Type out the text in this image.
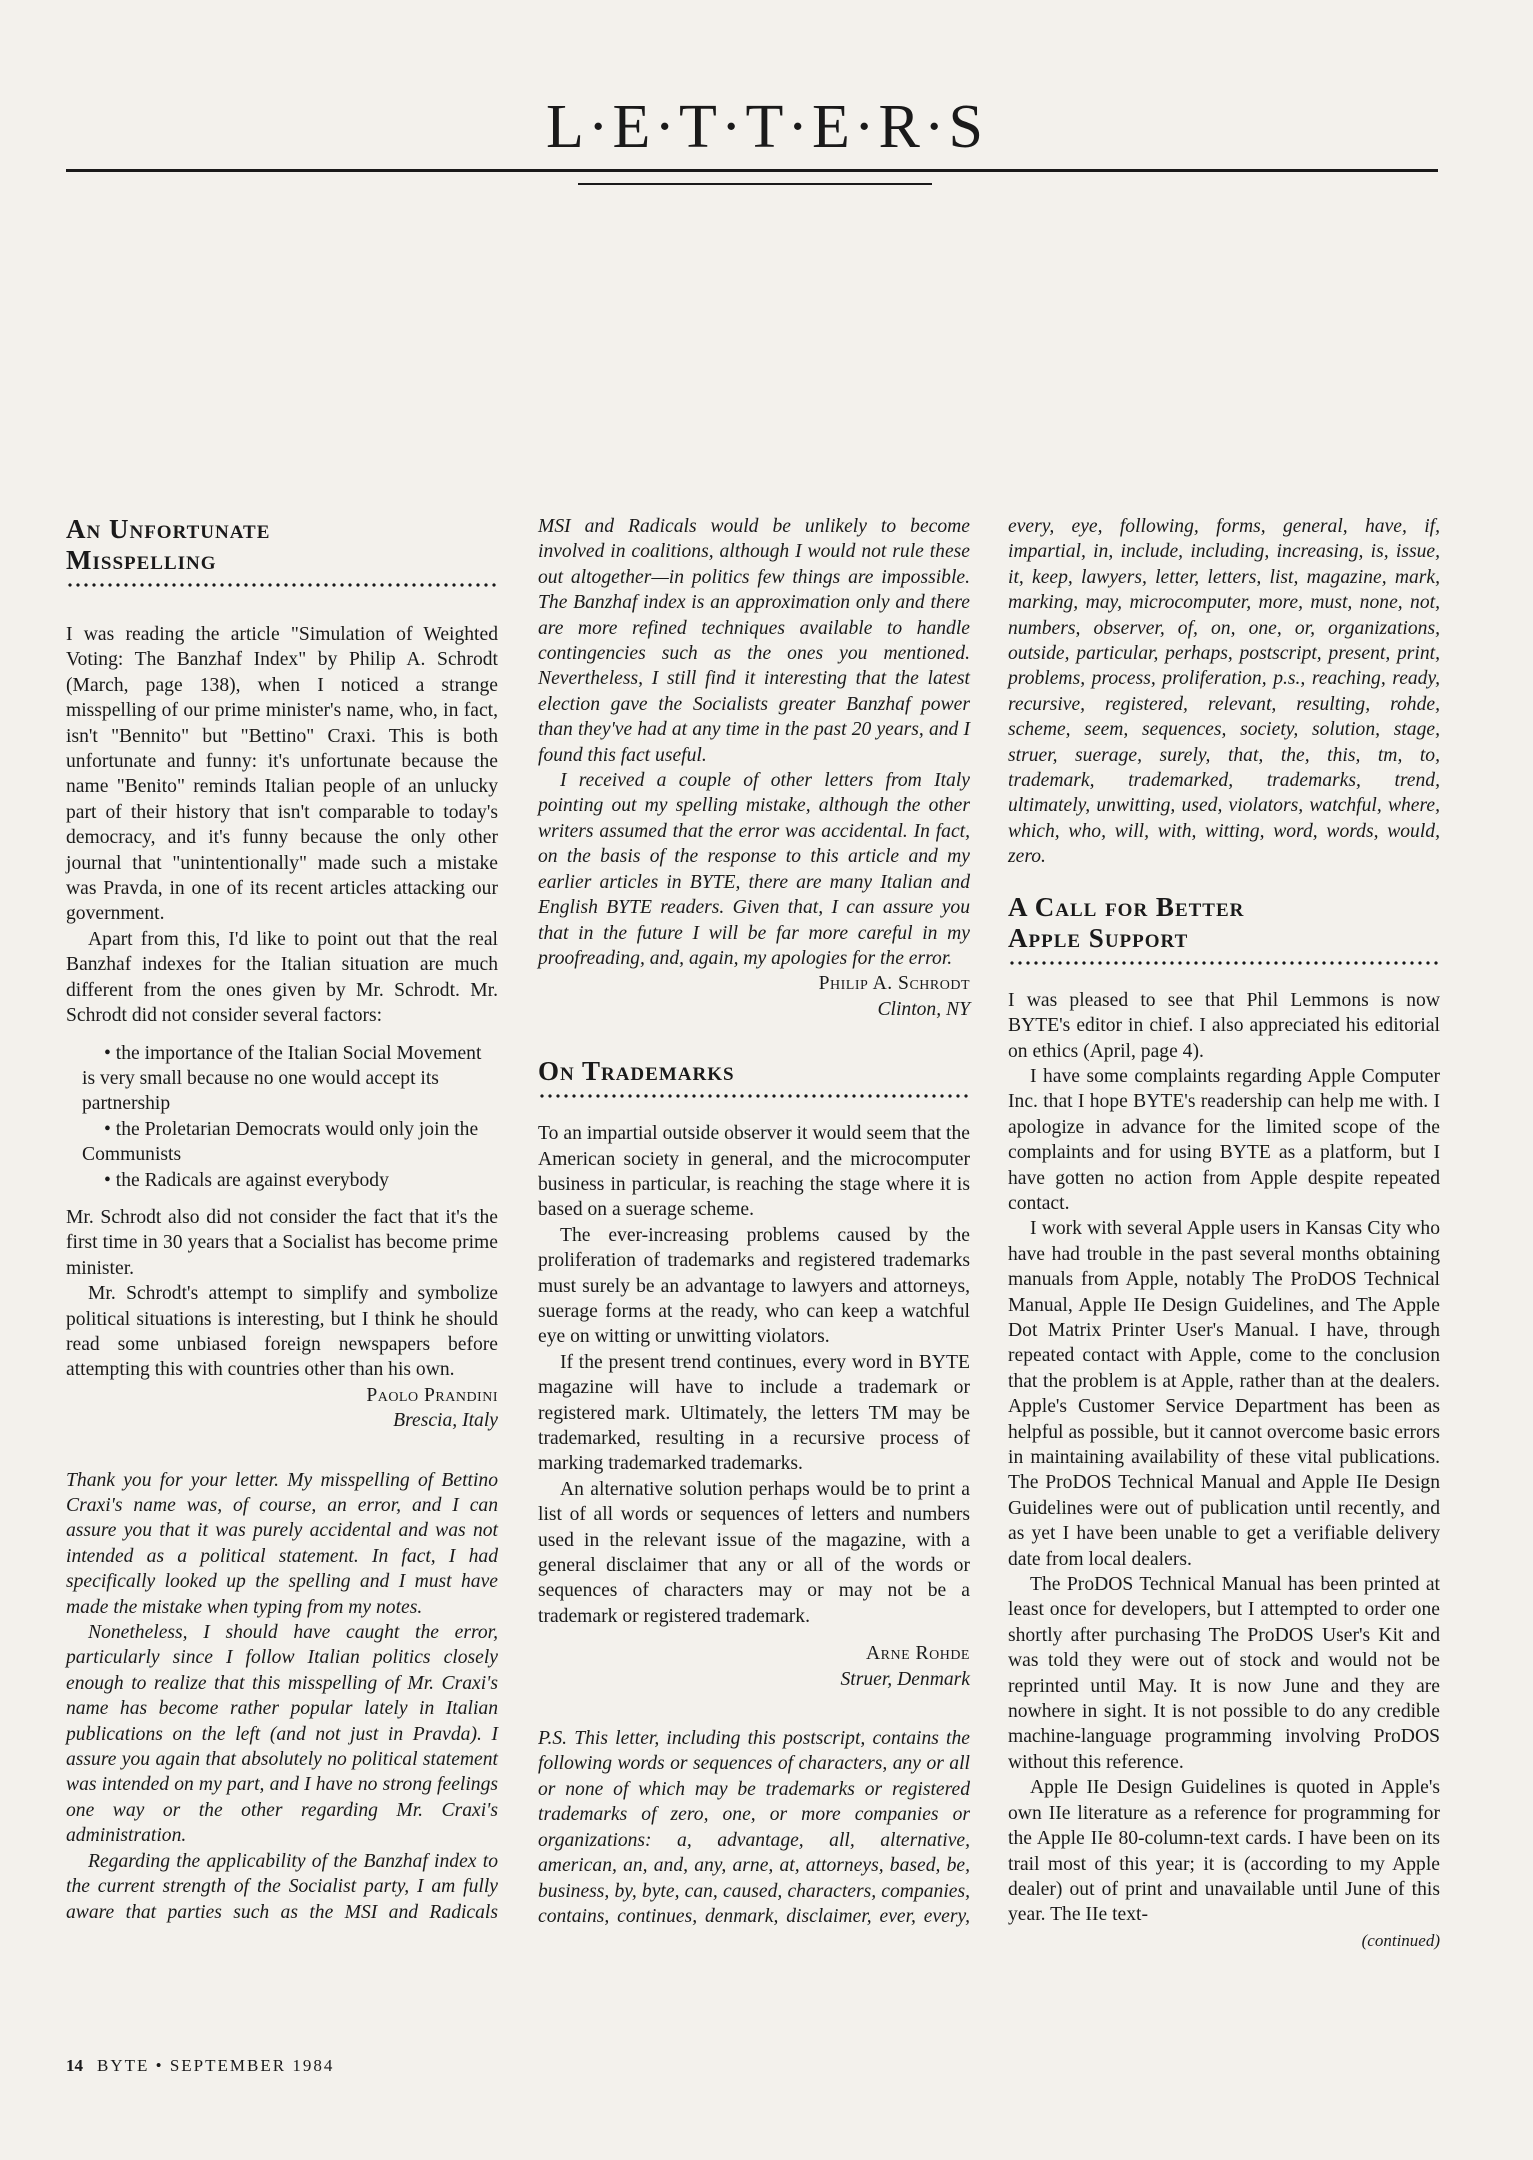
L·E·T·T·E·R·S
An Unfortunate
Misspelling

I was reading the article "Simulation of Weighted Voting: The Banzhaf Index" by Philip A. Schrodt (March, page 138), when I noticed a strange misspelling of our prime minister's name, who, in fact, isn't "Bennito" but "Bettino" Craxi. This is both unfortunate and funny: it's unfortunate because the name "Benito" reminds Italian people of an unlucky part of their history that isn't comparable to today's democracy, and it's funny because the only other journal that "unintentionally" made such a mistake was Pravda, in one of its recent articles attacking our government.

Apart from this, I'd like to point out that the real Banzhaf indexes for the Italian situation are much different from the ones given by Mr. Schrodt. Mr. Schrodt did not consider several factors:

• the importance of the Italian Social Movement is very small because no one would accept its partnership

• the Proletarian Democrats would only join the Communists

• the Radicals are against everybody

Mr. Schrodt also did not consider the fact that it's the first time in 30 years that a Socialist has become prime minister.

Mr. Schrodt's attempt to simplify and symbolize political situations is interesting, but I think he should read some unbiased foreign newspapers before attempting this with countries other than his own.

Paolo Prandini

Brescia, Italy

Thank you for your letter. My misspelling of Bettino Craxi's name was, of course, an error, and I can assure you that it was purely accidental and was not intended as a political statement. In fact, I had specifically looked up the spelling and I must have made the mistake when typing from my notes.

Nonetheless, I should have caught the error, particularly since I follow Italian politics closely enough to realize that this misspelling of Mr. Craxi's name has become rather popular lately in Italian publications on the left (and not just in Pravda). I assure you again that absolutely no political statement was intended on my part, and I have no strong feelings one way or the other regarding Mr. Craxi's administration.

Regarding the applicability of the Banzhaf index to the current strength of the Socialist party, I am fully aware that parties such as the MSI and Radicals

MSI and Radicals would be unlikely to become involved in coalitions, although I would not rule these out altogether—in politics few things are impossible. The Banzhaf index is an approximation only and there are more refined techniques available to handle contingencies such as the ones you mentioned. Nevertheless, I still find it interesting that the latest election gave the Socialists greater Banzhaf power than they've had at any time in the past 20 years, and I found this fact useful.

I received a couple of other letters from Italy pointing out my spelling mistake, although the other writers assumed that the error was accidental. In fact, on the basis of the response to this article and my earlier articles in BYTE, there are many Italian and English BYTE readers. Given that, I can assure you that in the future I will be far more careful in my proofreading, and, again, my apologies for the error.

Philip A. Schrodt

Clinton, NY

On Trademarks

To an impartial outside observer it would seem that the American society in general, and the microcomputer business in particular, is reaching the stage where it is based on a suerage scheme.

The ever-increasing problems caused by the proliferation of trademarks and registered trademarks must surely be an advantage to lawyers and attorneys, suerage forms at the ready, who can keep a watchful eye on witting or unwitting violators.

If the present trend continues, every word in BYTE magazine will have to include a trademark or registered mark. Ultimately, the letters TM may be trademarked, resulting in a recursive process of marking trademarked trademarks.

An alternative solution perhaps would be to print a list of all words or sequences of letters and numbers used in the relevant issue of the magazine, with a general disclaimer that any or all of the words or sequences of characters may or may not be a trademark or registered trademark.

Arne Rohde

Struer, Denmark

P.S. This letter, including this postscript, contains the following words or sequences of characters, any or all or none of which may be trademarks or registered trademarks of zero, one, or more companies or organizations: a, advantage, all, alternative, american, an, and, any, arne, at, attorneys, based, be, business, by, byte, can, caused, characters, companies, contains, continues, denmark, disclaimer, ever, every,

every, eye, following, forms, general, have, if, impartial, in, include, including, increasing, is, issue, it, keep, lawyers, letter, letters, list, magazine, mark, marking, may, microcomputer, more, must, none, not, numbers, observer, of, on, one, or, organizations, outside, particular, perhaps, postscript, present, print, problems, process, proliferation, p.s., reaching, ready, recursive, registered, relevant, resulting, rohde, scheme, seem, sequences, society, solution, stage, struer, suerage, surely, that, the, this, tm, to, trademark, trademarked, trademarks, trend, ultimately, unwitting, used, violators, watchful, where, which, who, will, with, witting, word, words, would, zero.

A Call for Better
Apple Support

I was pleased to see that Phil Lemmons is now BYTE's editor in chief. I also appreciated his editorial on ethics (April, page 4).

I have some complaints regarding Apple Computer Inc. that I hope BYTE's readership can help me with. I apologize in advance for the limited scope of the complaints and for using BYTE as a platform, but I have gotten no action from Apple despite repeated contact.

I work with several Apple users in Kansas City who have had trouble in the past several months obtaining manuals from Apple, notably The ProDOS Technical Manual, Apple IIe Design Guidelines, and The Apple Dot Matrix Printer User's Manual. I have, through repeated contact with Apple, come to the conclusion that the problem is at Apple, rather than at the dealers. Apple's Customer Service Department has been as helpful as possible, but it cannot overcome basic errors in maintaining availability of these vital publications. The ProDOS Technical Manual and Apple IIe Design Guidelines were out of publication until recently, and as yet I have been unable to get a verifiable delivery date from local dealers.

The ProDOS Technical Manual has been printed at least once for developers, but I attempted to order one shortly after purchasing The ProDOS User's Kit and was told they were out of stock and would not be reprinted until May. It is now June and they are nowhere in sight. It is not possible to do any credible machine-language programming involving ProDOS without this reference.

Apple IIe Design Guidelines is quoted in Apple's own IIe literature as a reference for programming for the Apple IIe 80-column-text cards. I have been on its trail most of this year; it is (according to my Apple dealer) out of print and unavailable until June of this year. The IIe text-

(continued)

14 BYTE • SEPTEMBER 1984
